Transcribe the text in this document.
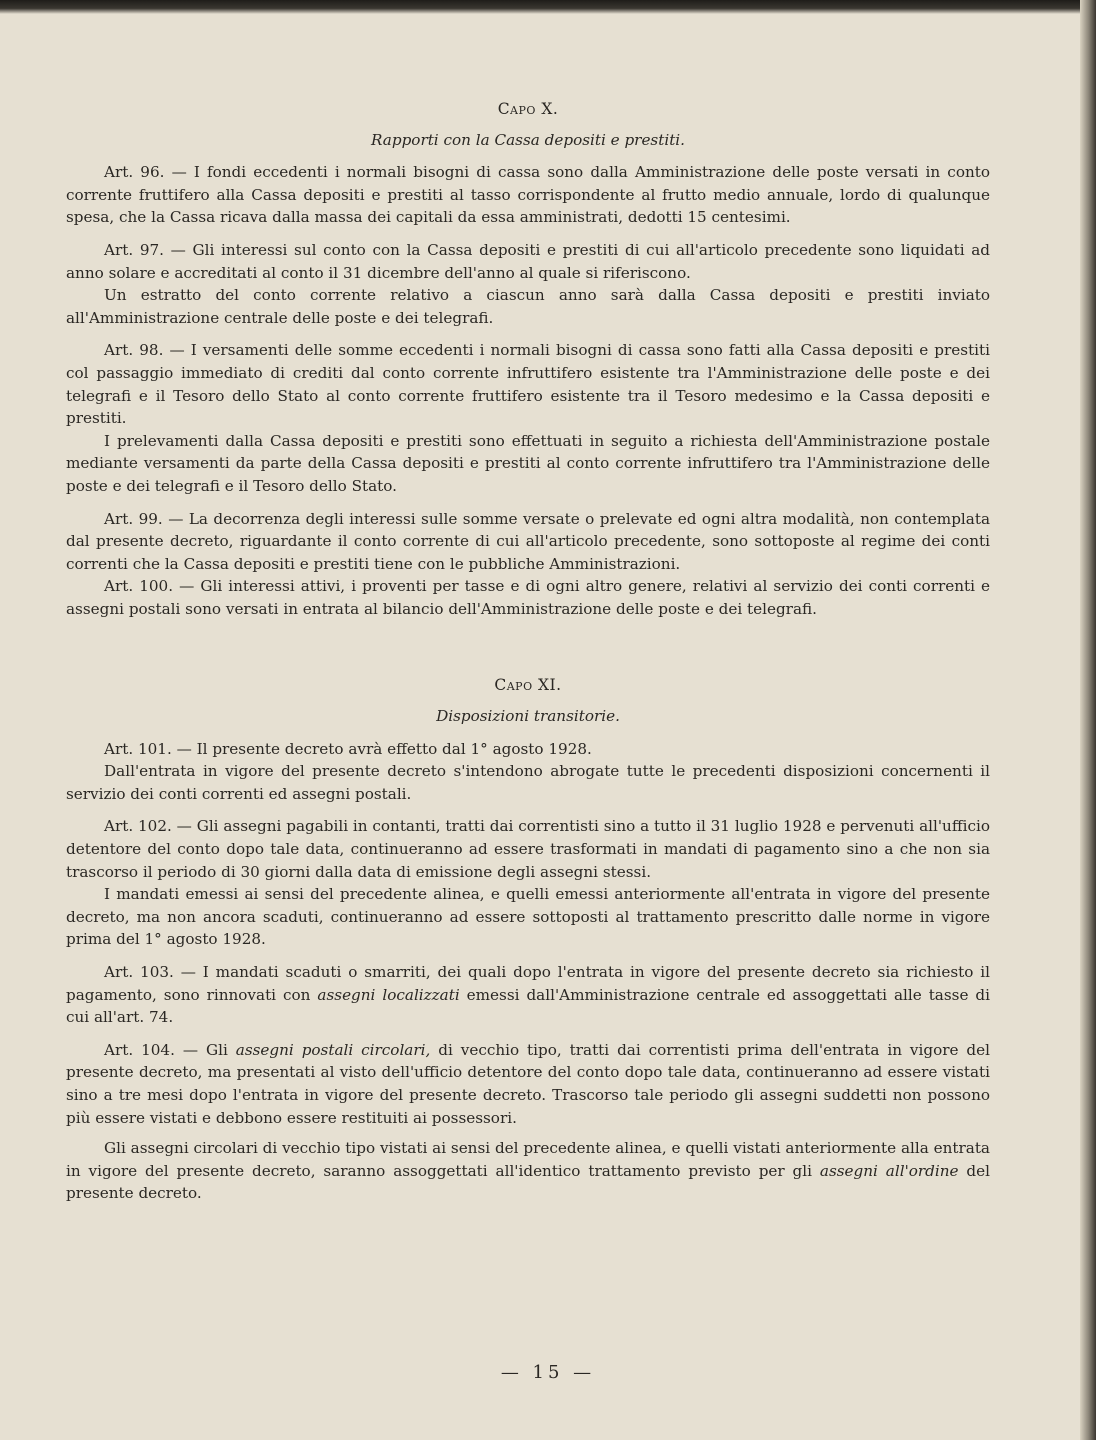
Capo X.
Rapporti con la Cassa depositi e prestiti.

Art. 96. — I fondi eccedenti i normali bisogni di cassa sono dalla Amministrazione delle poste versati in conto corrente fruttifero alla Cassa depositi e prestiti al tasso corrispondente al frutto medio annuale, lordo di qualunque spesa, che la Cassa ricava dalla massa dei capitali da essa amministrati, dedotti 15 centesimi.

Art. 97. — Gli interessi sul conto con la Cassa depositi e prestiti di cui all'articolo precedente sono liquidati ad anno solare e accreditati al conto il 31 dicembre dell'anno al quale si riferiscono.

Un estratto del conto corrente relativo a ciascun anno sarà dalla Cassa depositi e prestiti inviato all'Amministrazione centrale delle poste e dei telegrafi.

Art. 98. — I versamenti delle somme eccedenti i normali bisogni di cassa sono fatti alla Cassa depositi e prestiti col passaggio immediato di crediti dal conto corrente infruttifero esistente tra l'Amministrazione delle poste e dei telegrafi e il Tesoro dello Stato al conto corrente fruttifero esistente tra il Tesoro medesimo e la Cassa depositi e prestiti.

I prelevamenti dalla Cassa depositi e prestiti sono effettuati in seguito a richiesta dell'Amministrazione postale mediante versamenti da parte della Cassa depositi e prestiti al conto corrente infruttifero tra l'Amministrazione delle poste e dei telegrafi e il Tesoro dello Stato.

Art. 99. — La decorrenza degli interessi sulle somme versate o prelevate ed ogni altra modalità, non contemplata dal presente decreto, riguardante il conto corrente di cui all'articolo precedente, sono sottoposte al regime dei conti correnti che la Cassa depositi e prestiti tiene con le pubbliche Amministrazioni.

Art. 100. — Gli interessi attivi, i proventi per tasse e di ogni altro genere, relativi al servizio dei conti correnti e assegni postali sono versati in entrata al bilancio dell'Amministrazione delle poste e dei telegrafi.

Capo XI.
Disposizioni transitorie.

Art. 101. — Il presente decreto avrà effetto dal 1° agosto 1928.

Dall'entrata in vigore del presente decreto s'intendono abrogate tutte le precedenti disposizioni concernenti il servizio dei conti correnti ed assegni postali.

Art. 102. — Gli assegni pagabili in contanti, tratti dai correntisti sino a tutto il 31 luglio 1928 e pervenuti all'ufficio detentore del conto dopo tale data, continueranno ad essere trasformati in mandati di pagamento sino a che non sia trascorso il periodo di 30 giorni dalla data di emissione degli assegni stessi.

I mandati emessi ai sensi del precedente alinea, e quelli emessi anteriormente all'entrata in vigore del presente decreto, ma non ancora scaduti, continueranno ad essere sottoposti al trattamento prescritto dalle norme in vigore prima del 1° agosto 1928.

Art. 103. — I mandati scaduti o smarriti, dei quali dopo l'entrata in vigore del presente decreto sia richiesto il pagamento, sono rinnovati con assegni localizzati emessi dall'Amministrazione centrale ed assoggettati alle tasse di cui all'art. 74.

Art. 104. — Gli assegni postali circolari, di vecchio tipo, tratti dai correntisti prima dell'entrata in vigore del presente decreto, ma presentati al visto dell'ufficio detentore del conto dopo tale data, continueranno ad essere vistati sino a tre mesi dopo l'entrata in vigore del presente decreto. Trascorso tale periodo gli assegni suddetti non possono più essere vistati e debbono essere restituiti ai possessori.

Gli assegni circolari di vecchio tipo vistati ai sensi del precedente alinea, e quelli vistati anteriormente alla entrata in vigore del presente decreto, saranno assoggettati all'identico trattamento previsto per gli assegni all'ordine del presente decreto.

— 15 —
